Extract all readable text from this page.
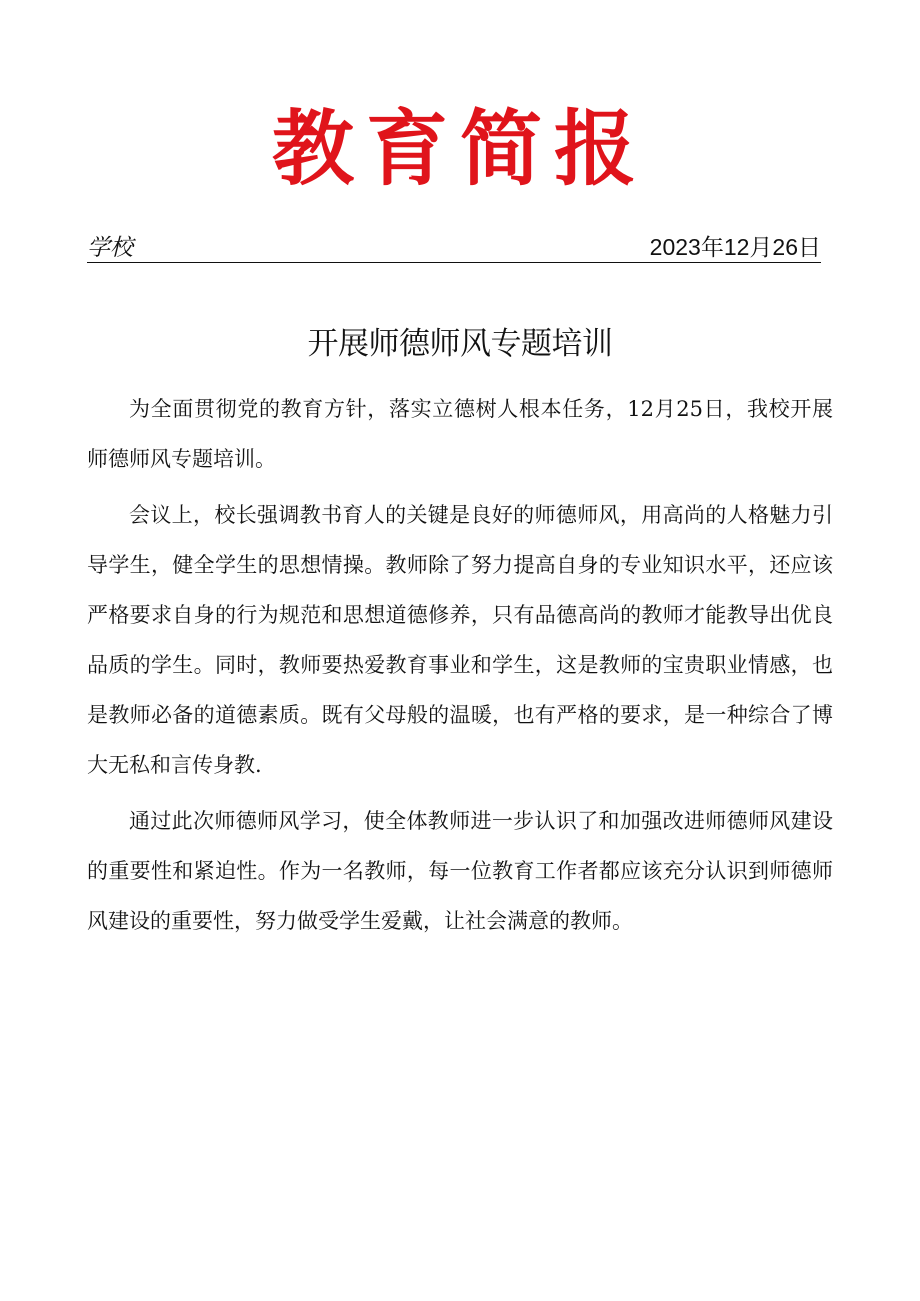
教育简报
学校	2023年12月26日
开展师德师风专题培训

为全面贯彻党的教育方针，落实立德树人根本任务，12月25日，我校开展师德师风专题培训。

会议上，校长强调教书育人的关键是良好的师德师风，用高尚的人格魅力引导学生，健全学生的思想情操。教师除了努力提高自身的专业知识水平，还应该严格要求自身的行为规范和思想道德修养，只有品德高尚的教师才能教导出优良品质的学生。同时，教师要热爱教育事业和学生，这是教师的宝贵职业情感，也是教师必备的道德素质。既有父母般的温暖，也有严格的要求，是一种综合了博大无私和言传身教.

通过此次师德师风学习，使全体教师进一步认识了和加强改进师德师风建设的重要性和紧迫性。作为一名教师，每一位教育工作者都应该充分认识到师德师风建设的重要性，努力做受学生爱戴，让社会满意的教师。
